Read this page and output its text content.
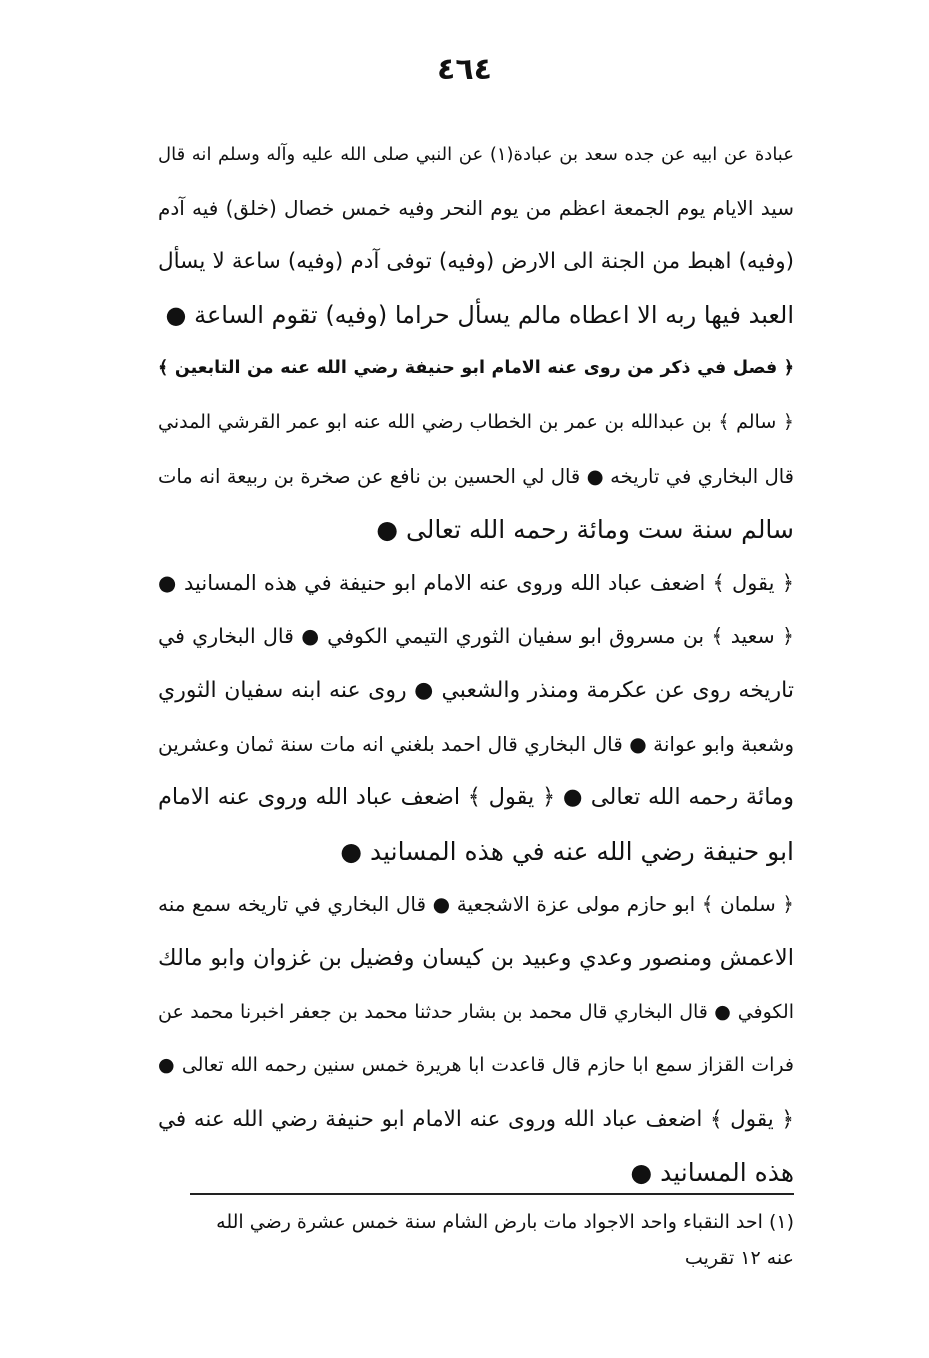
٤٦٤
عبادة عن ابيه عن جده سعد بن عبادة(۱) عن النبي صلى الله عليه وآله وسلم انه قال
سيد الايام يوم الجمعة اعظم من يوم النحر وفيه خمس خصال (خلق) فيه آدم
(وفيه) اهبط من الجنة الى الارض (وفيه) توفى آدم (وفيه) ساعة لا يسأل
العبد فيها ربه الا اعطاه مالم يسأل حراما (وفيه) تقوم الساعة ●
﴿ فصل في ذكر من روى عنه الامام ابو حنيفة رضي الله عنه من التابعين ﴾
﴿ سالم ﴾ بن عبدالله بن عمر بن الخطاب رضي الله عنه ابو عمر القرشي المدني
قال البخاري في تاريخه ● قال لي الحسين بن نافع عن صخرة بن ربيعة انه مات
سالم سنة ست ومائة رحمه الله تعالى ●
﴿ يقول ﴾ اضعف عباد الله وروى عنه الامام ابو حنيفة في هذه المسانيد ●
﴿ سعيد ﴾ بن مسروق ابو سفيان الثوري التيمي الكوفي ● قال البخاري في
تاريخه روى عن عكرمة ومنذر والشعبي ● روى عنه ابنه سفيان الثوري
وشعبة وابو عوانة ● قال البخاري قال احمد بلغني انه مات سنة ثمان وعشرين
ومائة رحمه الله تعالى ● ﴿ يقول ﴾ اضعف عباد الله وروى عنه الامام
ابو حنيفة رضي الله عنه في هذه المسانيد ●
﴿ سلمان ﴾ ابو حازم مولى عزة الاشجعية ● قال البخاري في تاريخه سمع منه
الاعمش ومنصور وعدي وعبيد بن كيسان وفضيل بن غزوان وابو مالك
الكوفي ● قال البخاري قال محمد بن بشار حدثنا محمد بن جعفر اخبرنا محمد عن
فرات القزاز سمع ابا حازم قال قاعدت ابا هريرة خمس سنين رحمه الله تعالى ●
﴿ يقول ﴾ اضعف عباد الله وروى عنه الامام ابو حنيفة رضي الله عنه في
هذه المسانيد ●
(۱) احد النقباء واحد الاجواد مات بارض الشام سنة خمس عشرة رضي الله
عنه ۱۲ تقريب
